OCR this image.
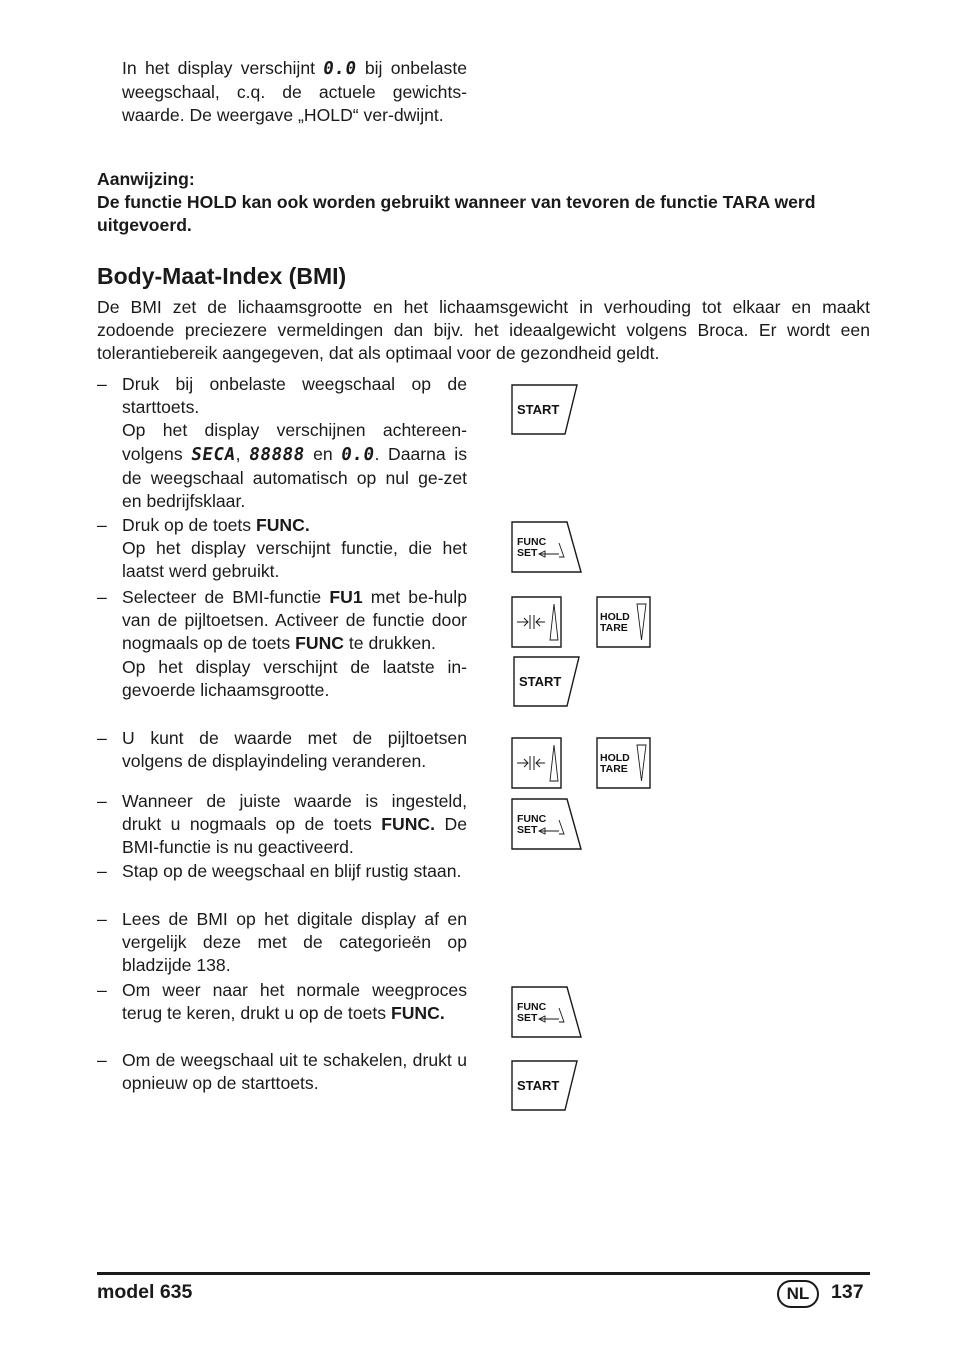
In het display verschijnt 0.0 bij onbelaste weegschaal, c.q. de actuele gewichts-waarde. De weergave „HOLD“ ver-dwijnt.

Aanwijzing:

De functie HOLD kan ook worden gebruikt wanneer van tevoren de functie TARA werd uitgevoerd.

Body-Maat-Index (BMI)

De BMI zet de lichaamsgrootte en het lichaamsgewicht in verhouding tot elkaar en maakt zodoende preciezere vermeldingen dan bijv. het ideaalgewicht volgens Broca. Er wordt een tolerantiebereik aangegeven, dat als optimaal voor de gezondheid geldt.

– Druk bij onbelaste weegschaal op de starttoets.

Op het display verschijnen achtereen-volgens SECA, 88888 en 0.0. Daarna is de weegschaal automatisch op nul ge-zet en bedrijfsklaar.

– Druk op de toets FUNC.

Op het display verschijnt functie, die het laatst werd gebruikt.

– Selecteer de BMI-functie FU1 met be-hulp van de pijltoetsen. Activeer de functie door nogmaals op de toets FUNC te drukken.

Op het display verschijnt de laatste in-gevoerde lichaamsgrootte.

– U kunt de waarde met de pijltoetsen volgens de displayindeling veranderen.

– Wanneer de juiste waarde is ingesteld, drukt u nogmaals op de toets FUNC. De BMI-functie is nu geactiveerd.

– Stap op de weegschaal en blijf rustig staan.

– Lees de BMI op het digitale display af en vergelijk deze met de categorieën op bladzijde 138.

– Om weer naar het normale weegproces terug te keren, drukt u op de toets FUNC.

– Om de weegschaal uit te schakelen, drukt u opnieuw op de starttoets.

START
START
START
FUNC
SET
FUNC
SET
FUNC
SET
HOLD
TARE
HOLD
TARE
model 635	NL	137
